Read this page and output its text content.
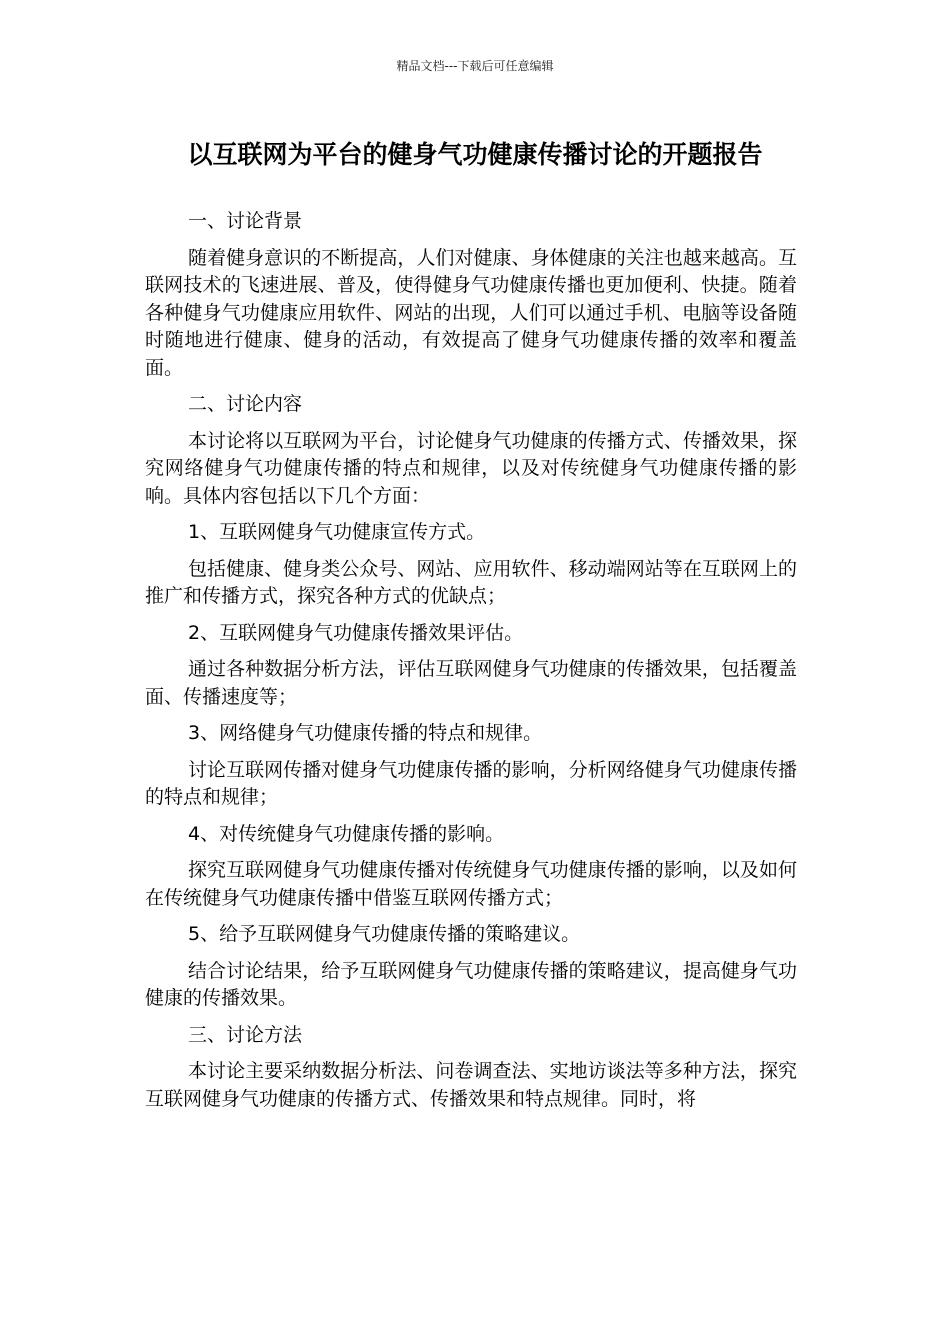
精品文档---下载后可任意编辑
以互联网为平台的健身气功健康传播讨论的开题报告

一、讨论背景

随着健身意识的不断提高，人们对健康、身体健康的关注也越来越高。互联网技术的飞速进展、普及，使得健身气功健康传播也更加便利、快捷。随着各种健身气功健康应用软件、网站的出现，人们可以通过手机、电脑等设备随时随地进行健康、健身的活动，有效提高了健身气功健康传播的效率和覆盖面。

二、讨论内容

本讨论将以互联网为平台，讨论健身气功健康的传播方式、传播效果，探究网络健身气功健康传播的特点和规律，以及对传统健身气功健康传播的影响。具体内容包括以下几个方面：

1、互联网健身气功健康宣传方式。

包括健康、健身类公众号、网站、应用软件、移动端网站等在互联网上的推广和传播方式，探究各种方式的优缺点；

2、互联网健身气功健康传播效果评估。

通过各种数据分析方法，评估互联网健身气功健康的传播效果，包括覆盖面、传播速度等；

3、网络健身气功健康传播的特点和规律。

讨论互联网传播对健身气功健康传播的影响，分析网络健身气功健康传播的特点和规律；

4、对传统健身气功健康传播的影响。

探究互联网健身气功健康传播对传统健身气功健康传播的影响，以及如何在传统健身气功健康传播中借鉴互联网传播方式；

5、给予互联网健身气功健康传播的策略建议。

结合讨论结果，给予互联网健身气功健康传播的策略建议，提高健身气功健康的传播效果。

三、讨论方法

本讨论主要采纳数据分析法、问卷调查法、实地访谈法等多种方法，探究互联网健身气功健康的传播方式、传播效果和特点规律。同时，将
